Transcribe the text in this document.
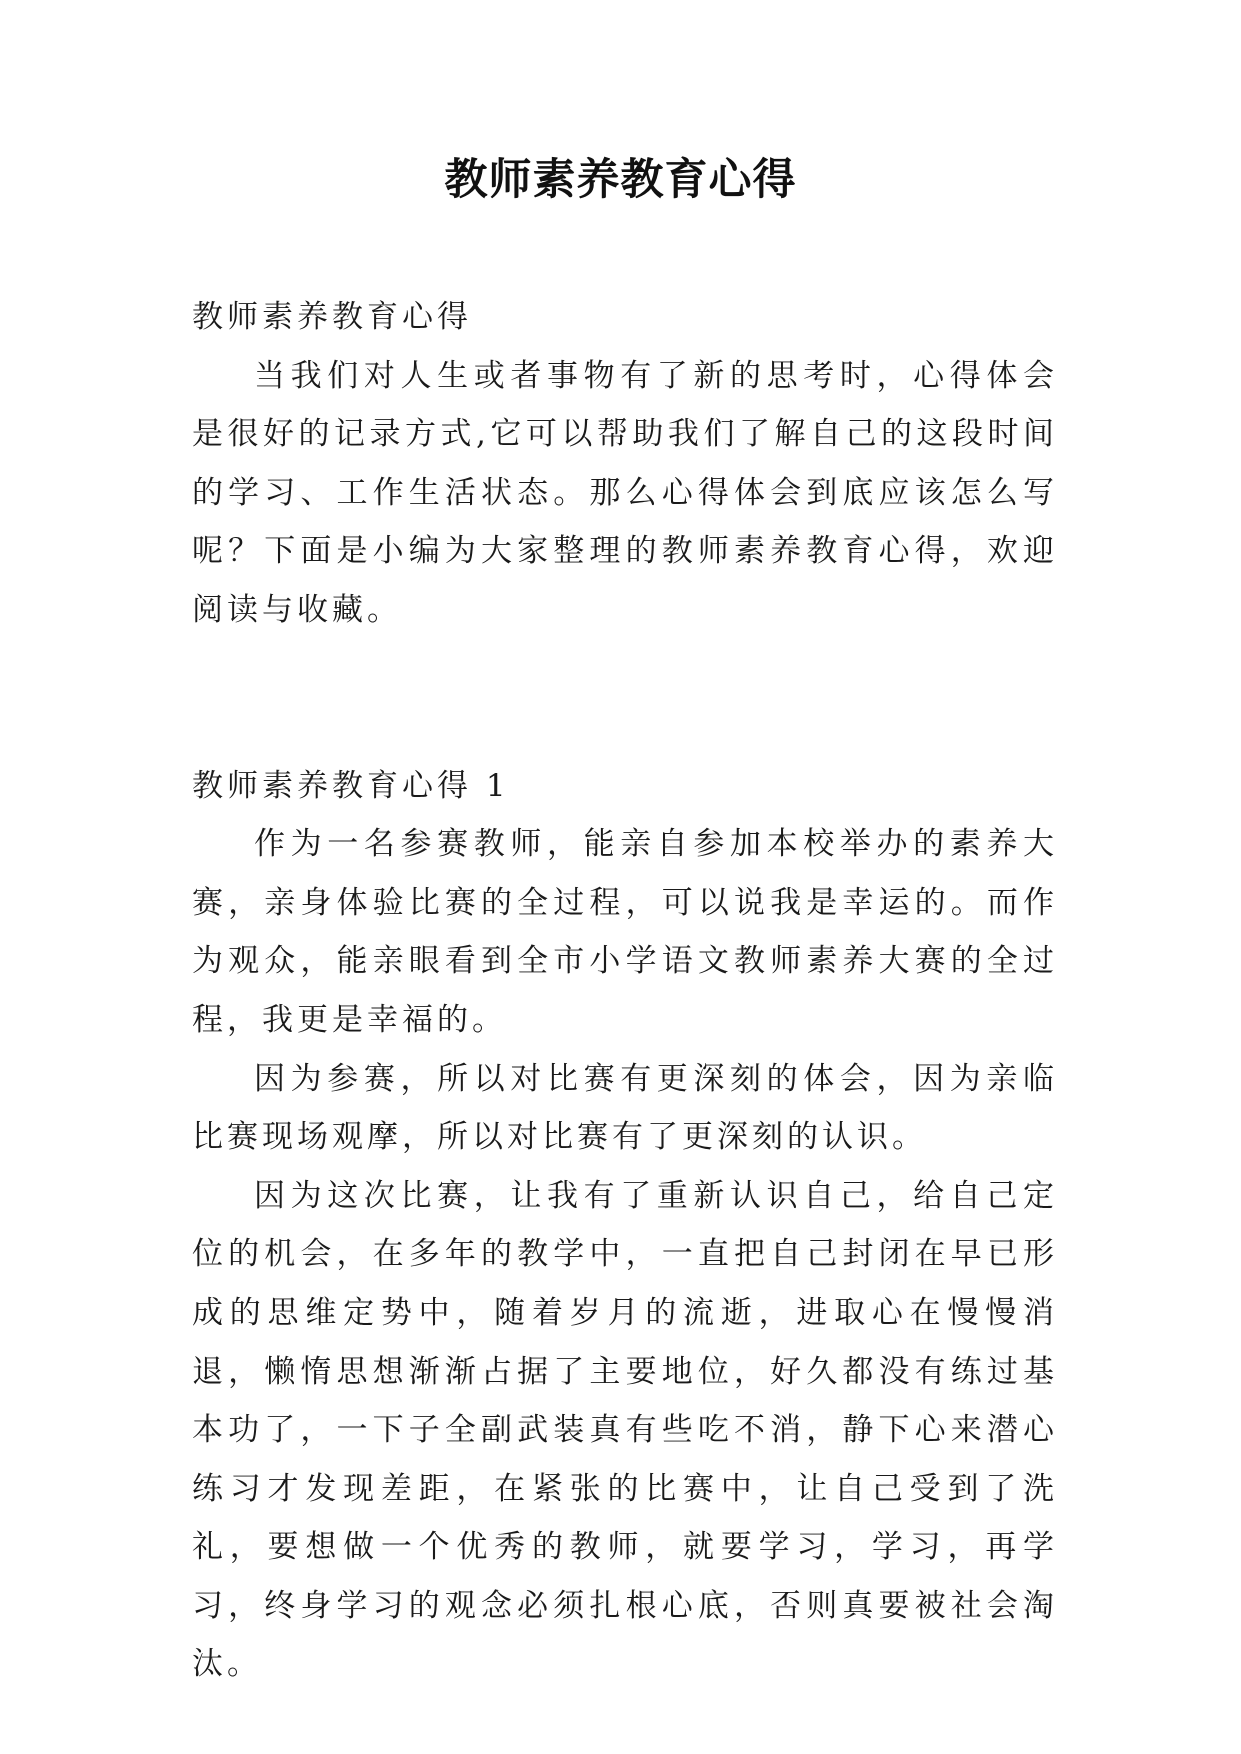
教师素养教育心得

教师素养教育心得

当我们对人生或者事物有了新的思考时，心得体会是很好的记录方式,它可以帮助我们了解自己的这段时间的学习、工作生活状态。那么心得体会到底应该怎么写呢？下面是小编为大家整理的教师素养教育心得，欢迎阅读与收藏。

教师素养教育心得 1

作为一名参赛教师，能亲自参加本校举办的素养大赛，亲身体验比赛的全过程，可以说我是幸运的。而作为观众，能亲眼看到全市小学语文教师素养大赛的全过程，我更是幸福的。

因为参赛，所以对比赛有更深刻的体会，因为亲临比赛现场观摩，所以对比赛有了更深刻的认识。

因为这次比赛，让我有了重新认识自己，给自己定位的机会，在多年的教学中，一直把自己封闭在早已形成的思维定势中，随着岁月的流逝，进取心在慢慢消退，懒惰思想渐渐占据了主要地位，好久都没有练过基本功了，一下子全副武装真有些吃不消，静下心来潜心练习才发现差距，在紧张的比赛中，让自己受到了洗礼，要想做一个优秀的教师，就要学习，学习，再学习，终身学习的观念必须扎根心底，否则真要被社会淘汰。
